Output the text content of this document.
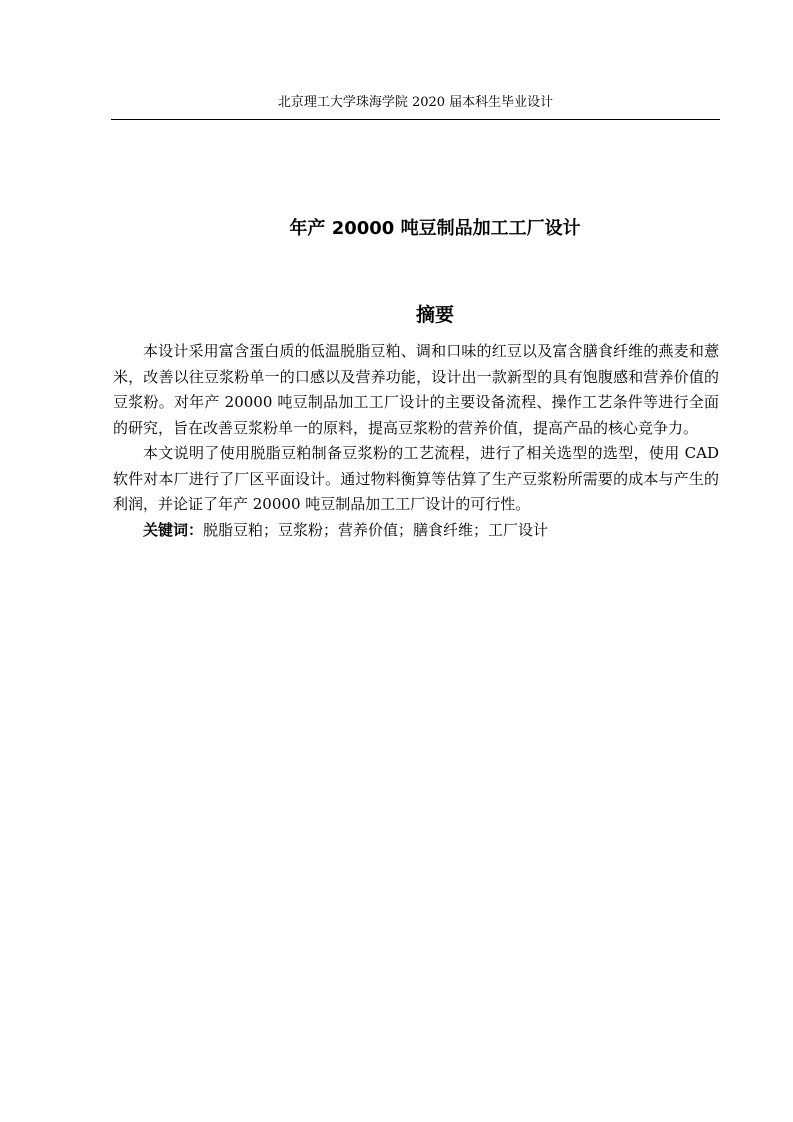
北京理工大学珠海学院 2020 届本科生毕业设计
年产 20000 吨豆制品加工工厂设计
摘要

本设计采用富含蛋白质的低温脱脂豆粕、调和口味的红豆以及富含膳食纤维的燕麦和薏米，改善以往豆浆粉单一的口感以及营养功能，设计出一款新型的具有饱腹感和营养价值的豆浆粉。对年产 20000 吨豆制品加工工厂设计的主要设备流程、操作工艺条件等进行全面的研究，旨在改善豆浆粉单一的原料，提高豆浆粉的营养价值，提高产品的核心竞争力。

本文说明了使用脱脂豆粕制备豆浆粉的工艺流程，进行了相关选型的选型，使用 CAD 软件对本厂进行了厂区平面设计。通过物料衡算等估算了生产豆浆粉所需要的成本与产生的利润，并论证了年产 20000 吨豆制品加工工厂设计的可行性。

关键词：脱脂豆粕；豆浆粉；营养价值；膳食纤维；工厂设计
